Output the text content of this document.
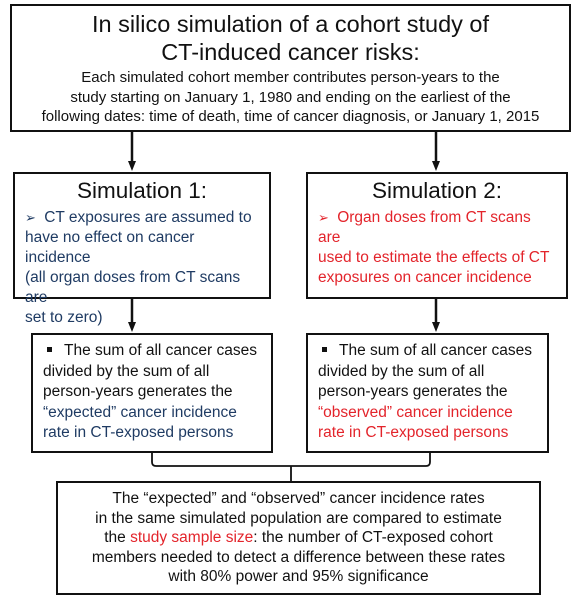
In silico simulation of a cohort study of
CT-induced cancer risks:
Each simulated cohort member contributes person-years to the
study starting on January 1, 1980 and ending on the earliest of the
following dates: time of death, time of cancer diagnosis, or January 1, 2015
Simulation 1:
➢ CT exposures are assumed to
have no effect on cancer incidence
(all organ doses from CT scans are
set to zero)
Simulation 2:
➢ Organ doses from CT scans are
used to estimate the effects of CT
exposures on cancer incidence
The sum of all cancer cases
divided by the sum of all
person-years generates the
“expected” cancer incidence
rate in CT-exposed persons
The sum of all cancer cases
divided by the sum of all
person-years generates the
“observed” cancer incidence
rate in CT-exposed persons
The “expected” and “observed” cancer incidence rates
in the same simulated population are compared to estimate
the study sample size: the number of CT-exposed cohort
members needed to detect a difference between these rates
with 80% power and 95% significance
